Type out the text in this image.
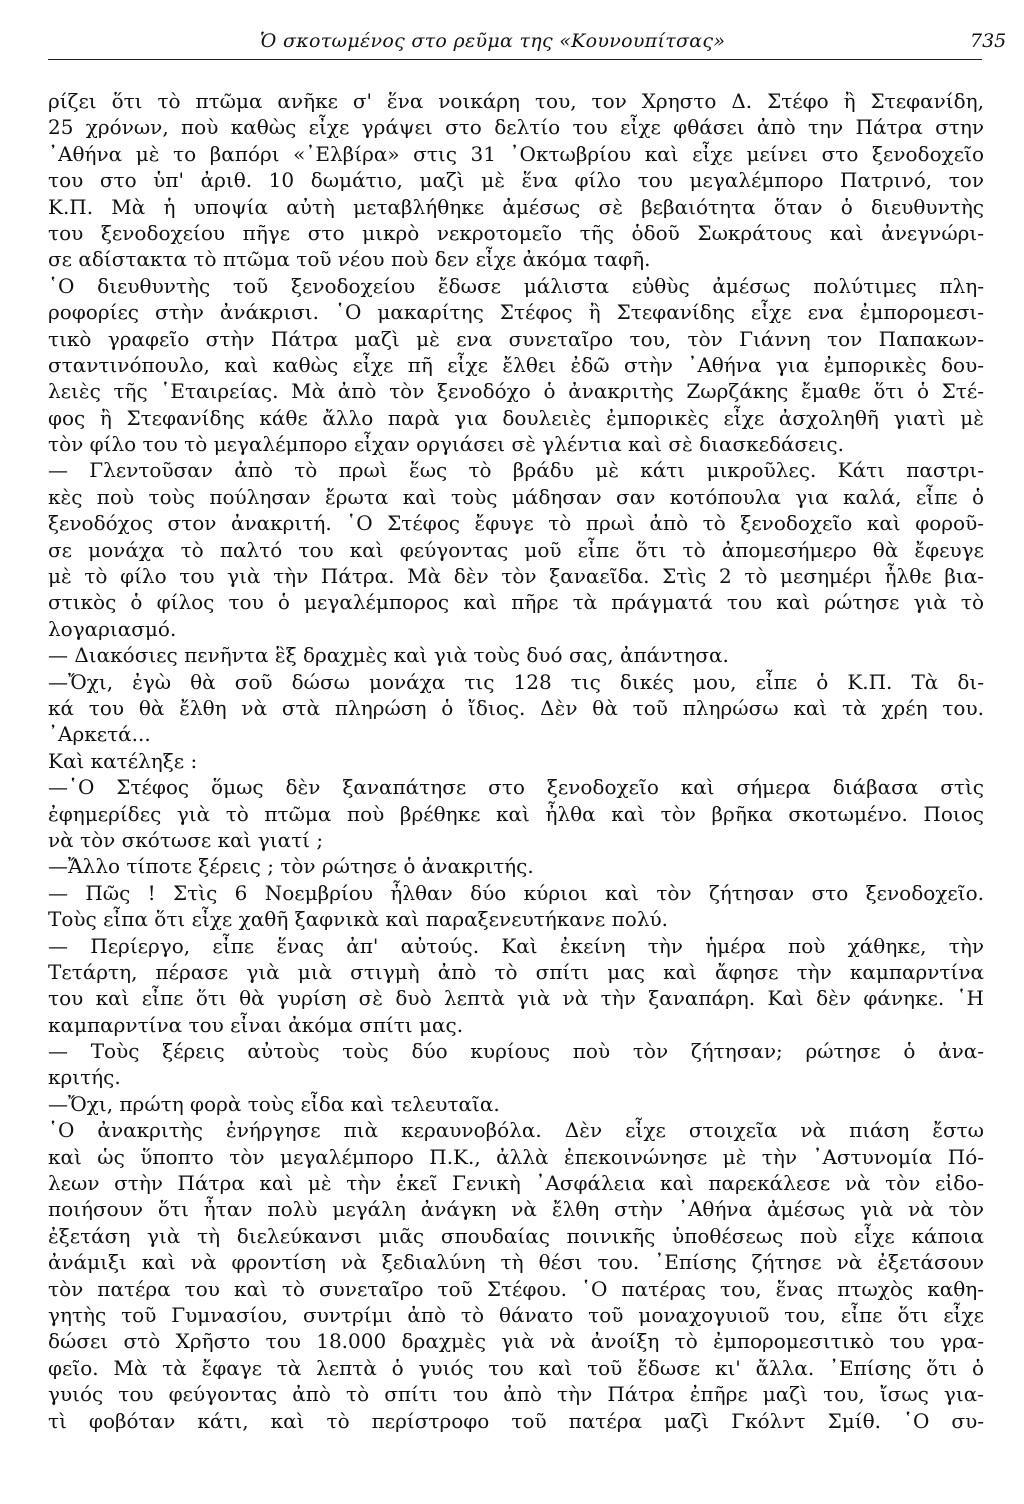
Ὁ σκοτωμένος στο ρεῦμα της «Κουνουπίτσας»	735
ρίζει ὅτι τὸ πτῶμα ανῆκε σ' ἕνα νοικάρη του, τον Χρηστο Δ. Στέφο ἢ Στεφανίδη,
25 χρόνων, ποὺ καθὼς εἶχε γράψει στο δελτίο του εἶχε φθάσει ἀπὸ την Πάτρα στην
᾿Αθήνα μὲ το βαπόρι «᾿Ελβίρα» στις 31 ᾿Οκτωβρίου καὶ εἶχε μείνει στο ξενοδοχεῖο
του στο ὑπ' ἀριθ. 10 δωμάτιο, μαζὶ μὲ ἕνα φίλο του μεγαλέμπορο Πατρινό, τον
Κ.Π. Μὰ ἡ υποψία αὐτὴ μεταβλήθηκε ἀμέσως σὲ βεβαιότητα ὅταν ὁ διευθυντὴς
του ξενοδοχείου πῆγε στο μικρὸ νεκροτομεῖο τῆς ὁδοῦ Σωκράτους καὶ ἀνεγνώρι-
σε αδίστακτα τὸ πτῶμα τοῦ νέου ποὺ δεν εἶχε ἀκόμα ταφῆ.
῾Ο διευθυντὴς τοῦ ξενοδοχείου ἔδωσε μάλιστα εὐθὺς ἀμέσως πολύτιμες πλη-
ροφορίες στὴν ἀνάκρισι. ῾Ο μακαρίτης Στέφος ἢ Στεφανίδης εἶχε ενα ἐμπορομεσι-
τικὸ γραφεῖο στὴν Πάτρα μαζὶ μὲ ενα συνεταῖρο του, τὸν Γιάννη τον Παπακων-
σταντινόπουλο, καὶ καθὼς εἶχε πῆ εἶχε ἔλθει ἐδῶ στὴν ᾿Αθήνα για ἐμπορικὲς δου-
λειὲς τῆς ῾Εταιρείας. Μὰ ἀπὸ τὸν ξενοδόχο ὁ ἀνακριτὴς Ζωρζάκης ἔμαθε ὅτι ὁ Στέ-
φος ἢ Στεφανίδης κάθε ἄλλο παρὰ για δουλειὲς ἐμπορικὲς εἶχε ἀσχοληθῆ γιατὶ μὲ
τὸν φίλο του τὸ μεγαλέμπορο εἶχαν οργιάσει σὲ γλέντια καὶ σὲ διασκεδάσεις.
— Γλεντοῦσαν ἀπὸ τὸ πρωὶ ἕως τὸ βράδυ μὲ κάτι μικροῦλες. Κάτι παστρι-
κὲς ποὺ τοὺς πούλησαν ἔρωτα καὶ τοὺς μάδησαν σαν κοτόπουλα για καλά, εἶπε ὁ
ξενοδόχος στον ἀνακριτή. ῾Ο Στέφος ἔφυγε τὸ πρωὶ ἀπὸ τὸ ξενοδοχεῖο καὶ φοροῦ-
σε μονάχα τὸ παλτό του καὶ φεύγοντας μοῦ εἶπε ὅτι τὸ ἀπομεσήμερο θὰ ἔφευγε
μὲ τὸ φίλο του γιὰ τὴν Πάτρα. Μὰ δὲν τὸν ξαναεῖδα. Στὶς 2 τὸ μεσημέρι ἦλθε βια-
στικὸς ὁ φίλος του ὁ μεγαλέμπορος καὶ πῆρε τὰ πράγματά του καὶ ρώτησε γιὰ τὸ
λογαριασμό.
— Διακόσιες πενῆντα ἓξ δραχμὲς καὶ γιὰ τοὺς δυό σας, ἀπάντησα.
—Ὄχι, ἐγὼ θὰ σοῦ δώσω μονάχα τις 128 τις δικές μου, εἶπε ὁ Κ.Π. Τὰ δι-
κά του θὰ ἔλθη νὰ στὰ πληρώση ὁ ἴδιος. Δὲν θὰ τοῦ πληρώσω καὶ τὰ χρέη του.
᾿Αρκετά...
Καὶ κατέληξε :
—῾Ο Στέφος ὅμως δὲν ξαναπάτησε στο ξενοδοχεῖο καὶ σήμερα διάβασα στὶς
ἐφημερίδες γιὰ τὸ πτῶμα ποὺ βρέθηκε καὶ ἦλθα καὶ τὸν βρῆκα σκοτωμένο. Ποιος
νὰ τὸν σκότωσε καὶ γιατί ;
—Ἄλλο τίποτε ξέρεις ; τὸν ρώτησε ὁ ἀνακριτής.
— Πῶς ! Στὶς 6 Νοεμβρίου ἦλθαν δύο κύριοι καὶ τὸν ζήτησαν στο ξενοδοχεῖο.
Τοὺς εἶπα ὅτι εἶχε χαθῆ ξαφνικὰ καὶ παραξενευτήκανε πολύ.
— Περίεργο, εἶπε ἕνας ἀπ' αὐτούς. Καὶ ἐκείνη τὴν ἡμέρα ποὺ χάθηκε, τὴν
Τετάρτη, πέρασε γιὰ μιὰ στιγμὴ ἀπὸ τὸ σπίτι μας καὶ ἄφησε τὴν καμπαρντίνα
του καὶ εἶπε ὅτι θὰ γυρίση σὲ δυὸ λεπτὰ γιὰ νὰ τὴν ξαναπάρη. Καὶ δὲν φάνηκε. ῾Η
καμπαρντίνα του εἶναι ἀκόμα σπίτι μας.
— Τοὺς ξέρεις αὐτοὺς τοὺς δύο κυρίους ποὺ τὸν ζήτησαν; ρώτησε ὁ ἀνα-
κριτής.
—Ὄχι, πρώτη φορὰ τοὺς εἶδα καὶ τελευταῖα.
῾Ο ἀνακριτὴς ἐνήργησε πιὰ κεραυνοβόλα. Δὲν εἶχε στοιχεῖα νὰ πιάση ἔστω
καὶ ὡς ὕποπτο τὸν μεγαλέμπορο Π.Κ., ἀλλὰ ἐπεκοινώνησε μὲ τὴν ᾿Αστυνομία Πό-
λεων στὴν Πάτρα καὶ μὲ τὴν ἐκεῖ Γενικὴ ᾿Ασφάλεια καὶ παρεκάλεσε νὰ τὸν εἰδο-
ποιήσουν ὅτι ἦταν πολὺ μεγάλη ἀνάγκη νὰ ἔλθη στὴν ᾿Αθήνα ἀμέσως γιὰ νὰ τὸν
ἐξετάση γιὰ τὴ διελεύκανσι μιᾶς σπουδαίας ποινικῆς ὑποθέσεως ποὺ εἶχε κάποια
ἀνάμιξι καὶ νὰ φροντίση νὰ ξεδιαλύνη τὴ θέσι του. ᾿Επίσης ζήτησε νὰ ἐξετάσουν
τὸν πατέρα του καὶ τὸ συνεταῖρο τοῦ Στέφου. ῾Ο πατέρας του, ἕνας πτωχὸς καθη-
γητὴς τοῦ Γυμνασίου, συντρίμι ἀπὸ τὸ θάνατο τοῦ μοναχογυιοῦ του, εἶπε ὅτι εἶχε
δώσει στὸ Χρῆστο του 18.000 δραχμὲς γιὰ νὰ ἀνοίξη τὸ ἐμπορομεσιτικὸ του γρα-
φεῖο. Μὰ τὰ ἔφαγε τὰ λεπτὰ ὁ γυιός του καὶ τοῦ ἔδωσε κι' ἄλλα. ᾿Επίσης ὅτι ὁ
γυιός του φεύγοντας ἀπὸ τὸ σπίτι του ἀπὸ τὴν Πάτρα ἐπῆρε μαζὶ του, ἴσως για-
τὶ φοβόταν κάτι, καὶ τὸ περίστροφο τοῦ πατέρα μαζὶ Γκόλντ Σμίθ. ῾Ο συ-
